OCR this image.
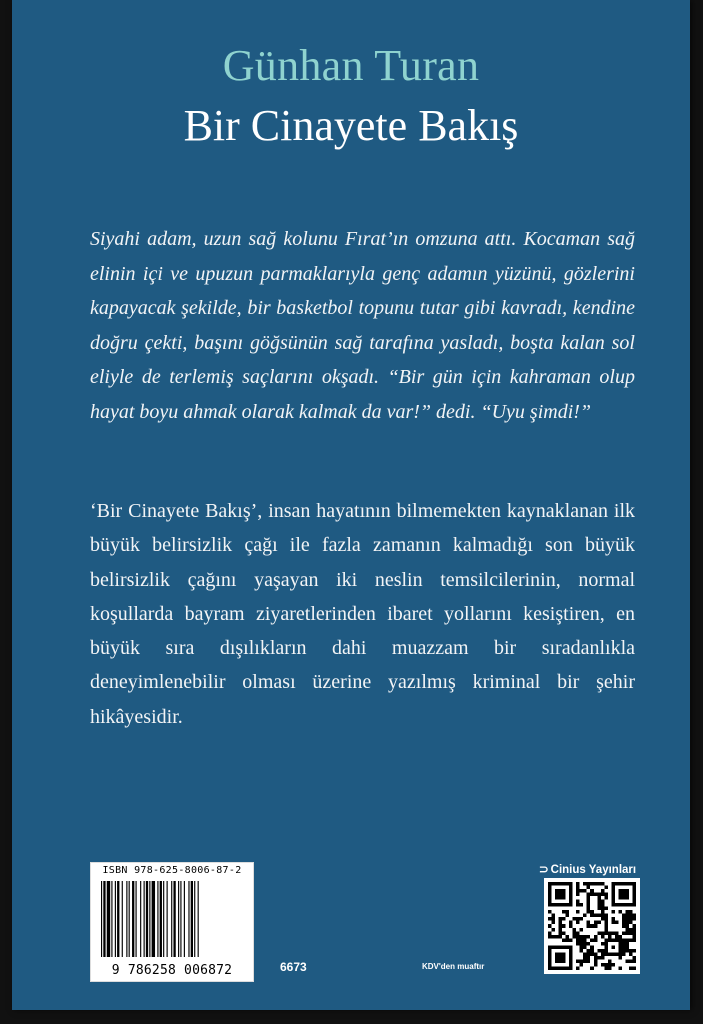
Günhan Turan
Bir Cinayete Bakış
Siyahi adam, uzun sağ kolunu Fırat’ın omzuna attı. Kocaman sağ elinin içi ve upuzun parmaklarıyla genç adamın yüzünü, gözlerini kapayacak şekilde, bir basketbol topunu tutar gibi kavradı, kendine doğru çekti, başını göğsünün sağ tarafına yasladı, boşta kalan sol eliyle de terlemiş saçlarını okşadı. “Bir gün için kahraman olup hayat boyu ahmak olarak kalmak da var!” dedi. “Uyu şimdi!”
‘Bir Cinayete Bakış’, insan hayatının bilmemekten kaynaklanan ilk büyük belirsizlik çağı ile fazla zamanın kalmadığı son büyük belirsizlik çağını yaşayan iki neslin temsilcilerinin, normal koşullarda bayram ziyaretlerinden ibaret yollarını kesiştiren, en büyük sıra dışılıkların dahi muazzam bir sıradanlıkla deneyimlenebilir olması üzerine yazılmış kriminal bir şehir hikâyesidir.
ISBN 978-625-8006-87-2
9 786258 006872	6673	KDV'den muaftır
⊃ Cinius Yayınları
